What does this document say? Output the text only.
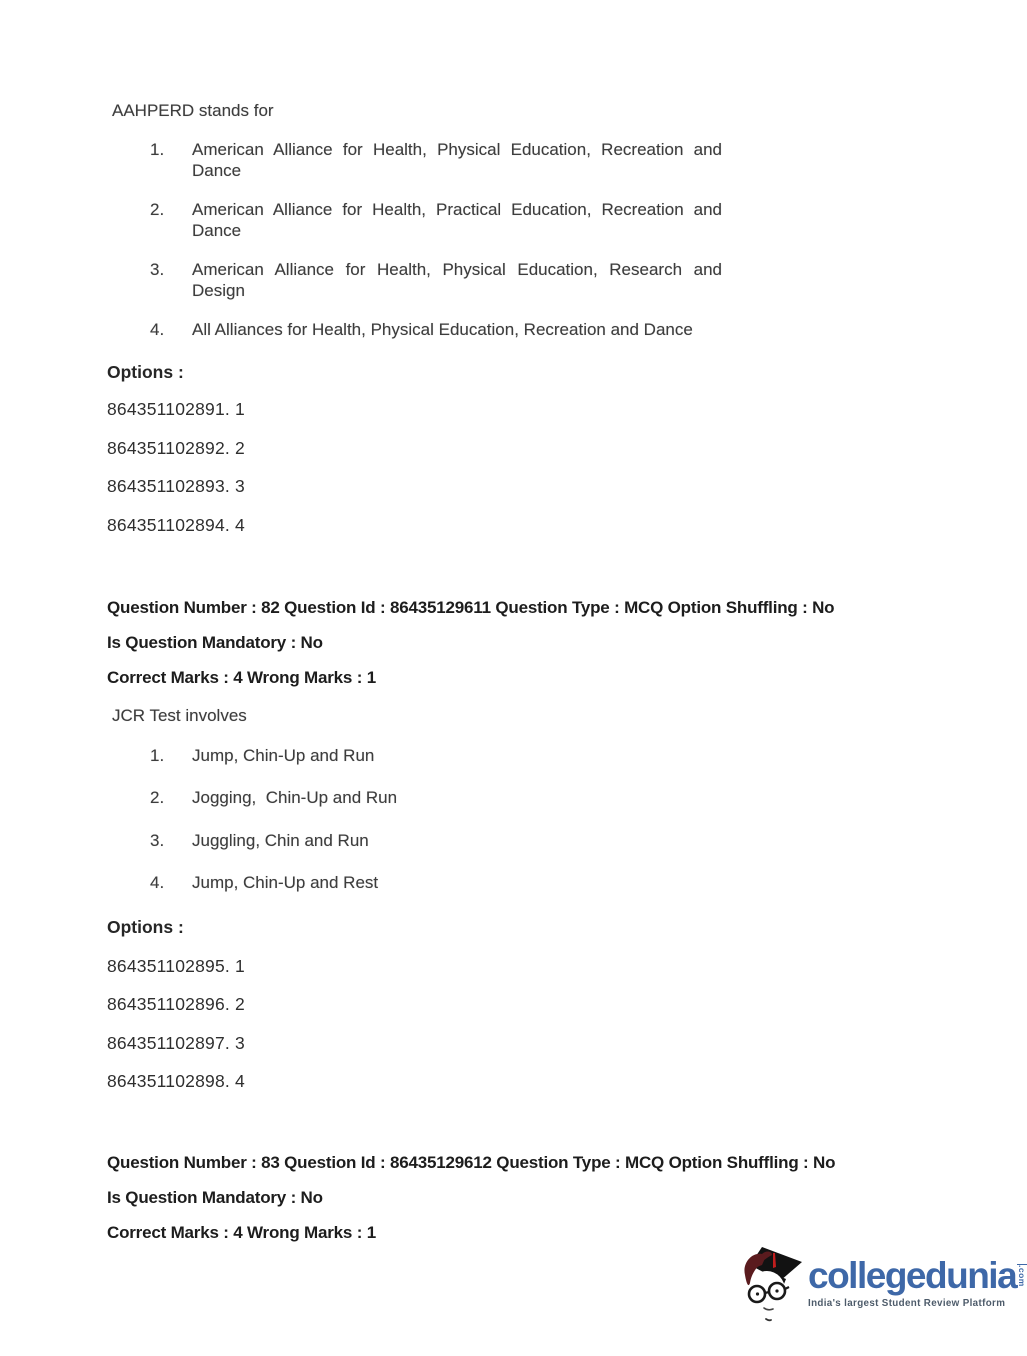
AAHPERD stands for
1.	American Alliance for Health, Physical Education, Recreation and Dance
2.	American Alliance for Health, Practical Education, Recreation and Dance
3.	American Alliance for Health, Physical Education, Research and Design
4.	All Alliances for Health, Physical Education, Recreation and Dance
Options :
864351102891. 1
864351102892. 2
864351102893. 3
864351102894. 4
Question Number : 82 Question Id : 86435129611 Question Type : MCQ Option Shuffling : No
Is Question Mandatory : No
Correct Marks : 4 Wrong Marks : 1
JCR Test involves
1.	Jump, Chin-Up and Run
2.	Jogging,  Chin-Up and Run
3.	Juggling, Chin and Run
4.	Jump, Chin-Up and Rest
Options :
864351102895. 1
864351102896. 2
864351102897. 3
864351102898. 4
Question Number : 83 Question Id : 86435129612 Question Type : MCQ Option Shuffling : No
Is Question Mandatory : No
Correct Marks : 4 Wrong Marks : 1
collegedunia .com
India's largest Student Review Platform
